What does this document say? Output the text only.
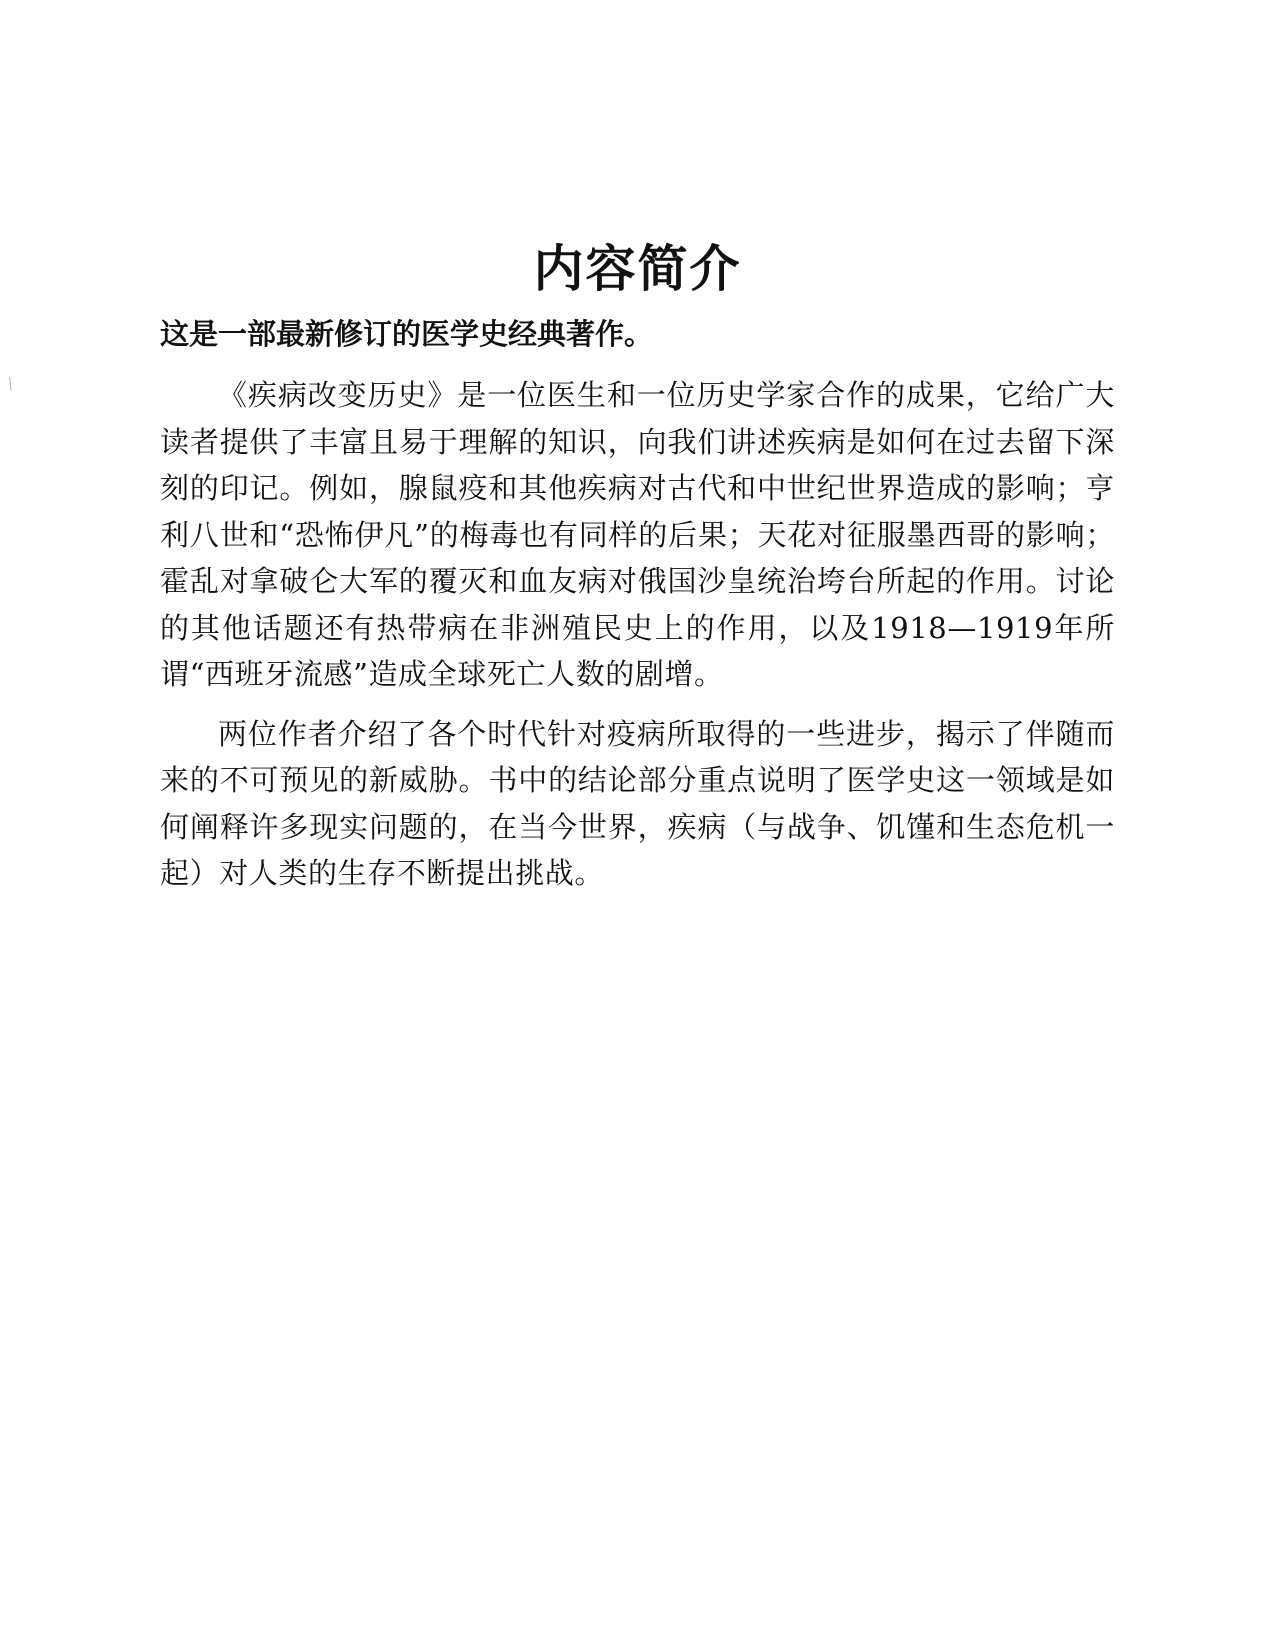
⟍
内容简介

这是一部最新修订的医学史经典著作。

《疾病改变历史》是一位医生和一位历史学家合作的成果，它给广大读者提供了丰富且易于理解的知识，向我们讲述疾病是如何在过去留下深刻的印记。例如，腺鼠疫和其他疾病对古代和中世纪世界造成的影响；亨利八世和“恐怖伊凡”的梅毒也有同样的后果；天花对征服墨西哥的影响；霍乱对拿破仑大军的覆灭和血友病对俄国沙皇统治垮台所起的作用。讨论的其他话题还有热带病在非洲殖民史上的作用，以及1918—1919年所谓“西班牙流感”造成全球死亡人数的剧增。

两位作者介绍了各个时代针对疫病所取得的一些进步，揭示了伴随而来的不可预见的新威胁。书中的结论部分重点说明了医学史这一领域是如何阐释许多现实问题的，在当今世界，疾病（与战争、饥馑和生态危机一起）对人类的生存不断提出挑战。
